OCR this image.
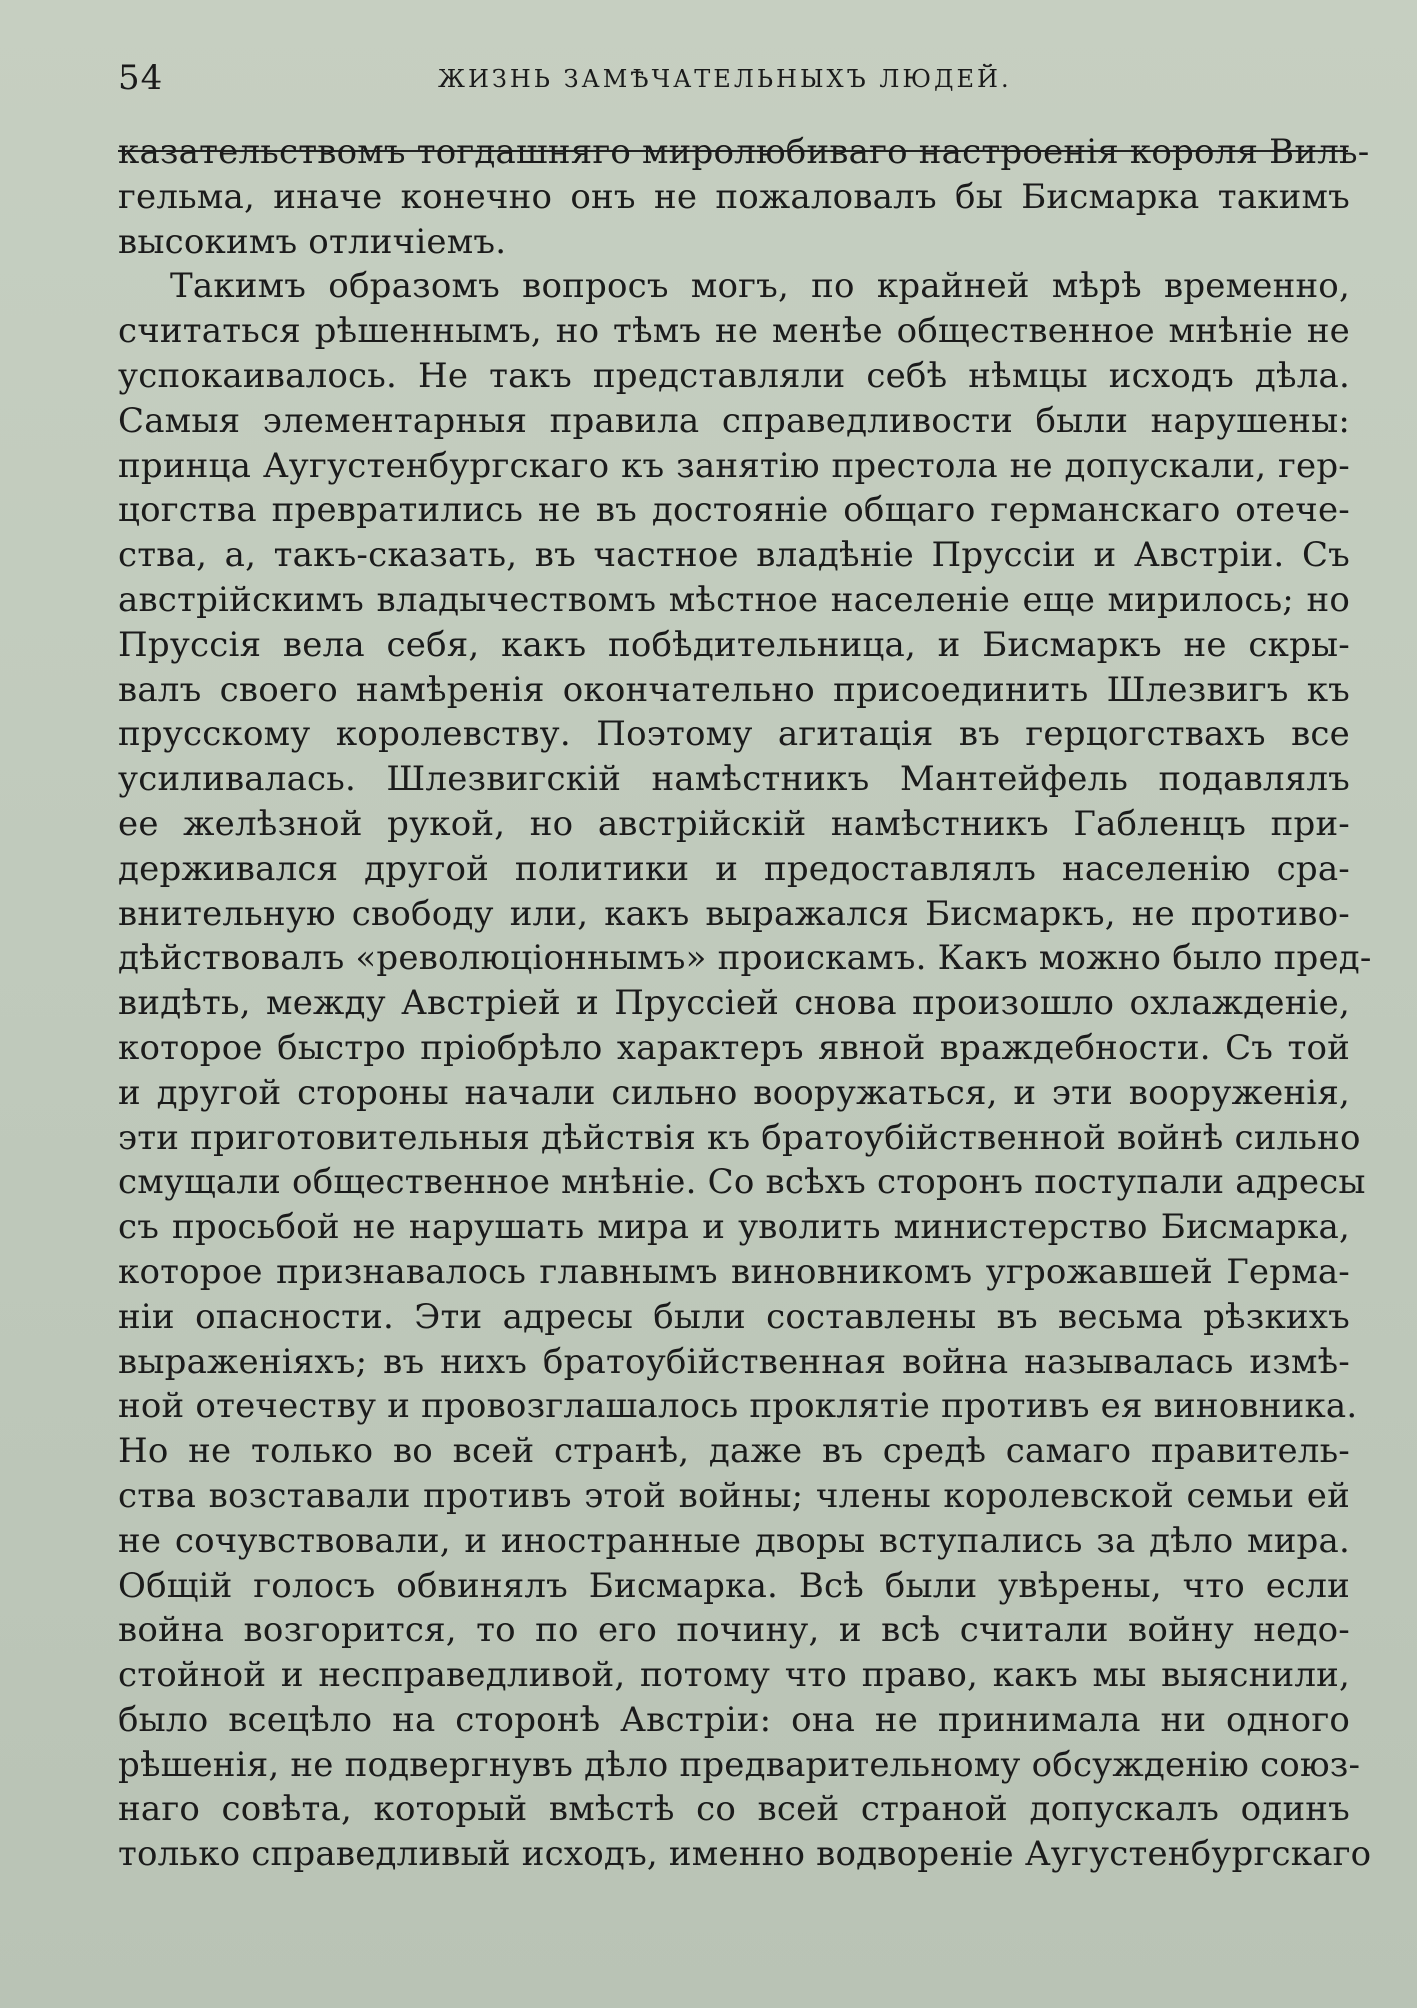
54	ЖИЗНЬ ЗАМѢЧАТЕЛЬНЫХЪ ЛЮДЕЙ.
казательствомъ тогдашняго миролюбиваго настроенія короля Виль-
гельма, иначе конечно онъ не пожаловалъ бы Бисмарка такимъ
высокимъ отличіемъ.
Такимъ образомъ вопросъ могъ, по крайней мѣрѣ временно,
считаться рѣшеннымъ, но тѣмъ не менѣе общественное мнѣніе не
успокаивалось. Не такъ представляли себѣ нѣмцы исходъ дѣла.
Самыя элементарныя правила справедливости были нарушены:
принца Аугустенбургскаго къ занятію престола не допускали, гер-
цогства превратились не въ достояніе общаго германскаго отече-
ства, а, такъ-сказать, въ частное владѣніе Пруссіи и Австріи. Съ
австрійскимъ владычествомъ мѣстное населеніе еще мирилось; но
Пруссія вела себя, какъ побѣдительница, и Бисмаркъ не скры-
валъ своего намѣренія окончательно присоединить Шлезвигъ къ
прусскому королевству. Поэтому агитація въ герцогствахъ все
усиливалась. Шлезвигскій намѣстникъ Мантейфель подавлялъ
ее желѣзной рукой, но австрійскій намѣстникъ Габленцъ при-
держивался другой политики и предоставлялъ населенію сра-
внительную свободу или, какъ выражался Бисмаркъ, не противо-
дѣйствовалъ «революціоннымъ» проискамъ. Какъ можно было пред-
видѣть, между Австріей и Пруссіей снова произошло охлажденіе,
которое быстро пріобрѣло характеръ явной враждебности. Съ той
и другой стороны начали сильно вооружаться, и эти вооруженія,
эти приготовительныя дѣйствія къ братоубійственной войнѣ сильно
смущали общественное мнѣніе. Со всѣхъ сторонъ поступали адресы
съ просьбой не нарушать мира и уволить министерство Бисмарка,
которое признавалось главнымъ виновникомъ угрожавшей Герма-
ніи опасности. Эти адресы были составлены въ весьма рѣзкихъ
выраженіяхъ; въ нихъ братоубійственная война называлась измѣ-
ной отечеству и провозглашалось проклятіе противъ ея виновника.
Но не только во всей странѣ, даже въ средѣ самаго правитель-
ства возставали противъ этой войны; члены королевской семьи ей
не сочувствовали, и иностранные дворы вступались за дѣло мира.
Общій голосъ обвинялъ Бисмарка. Всѣ были увѣрены, что если
война возгорится, то по его почину, и всѣ считали войну недо-
стойной и несправедливой, потому что право, какъ мы выяснили,
было всецѣло на сторонѣ Австріи: она не принимала ни одного
рѣшенія, не подвергнувъ дѣло предварительному обсужденію союз-
наго совѣта, который вмѣстѣ со всей страной допускалъ одинъ
только справедливый исходъ, именно водвореніе Аугустенбургскаго
